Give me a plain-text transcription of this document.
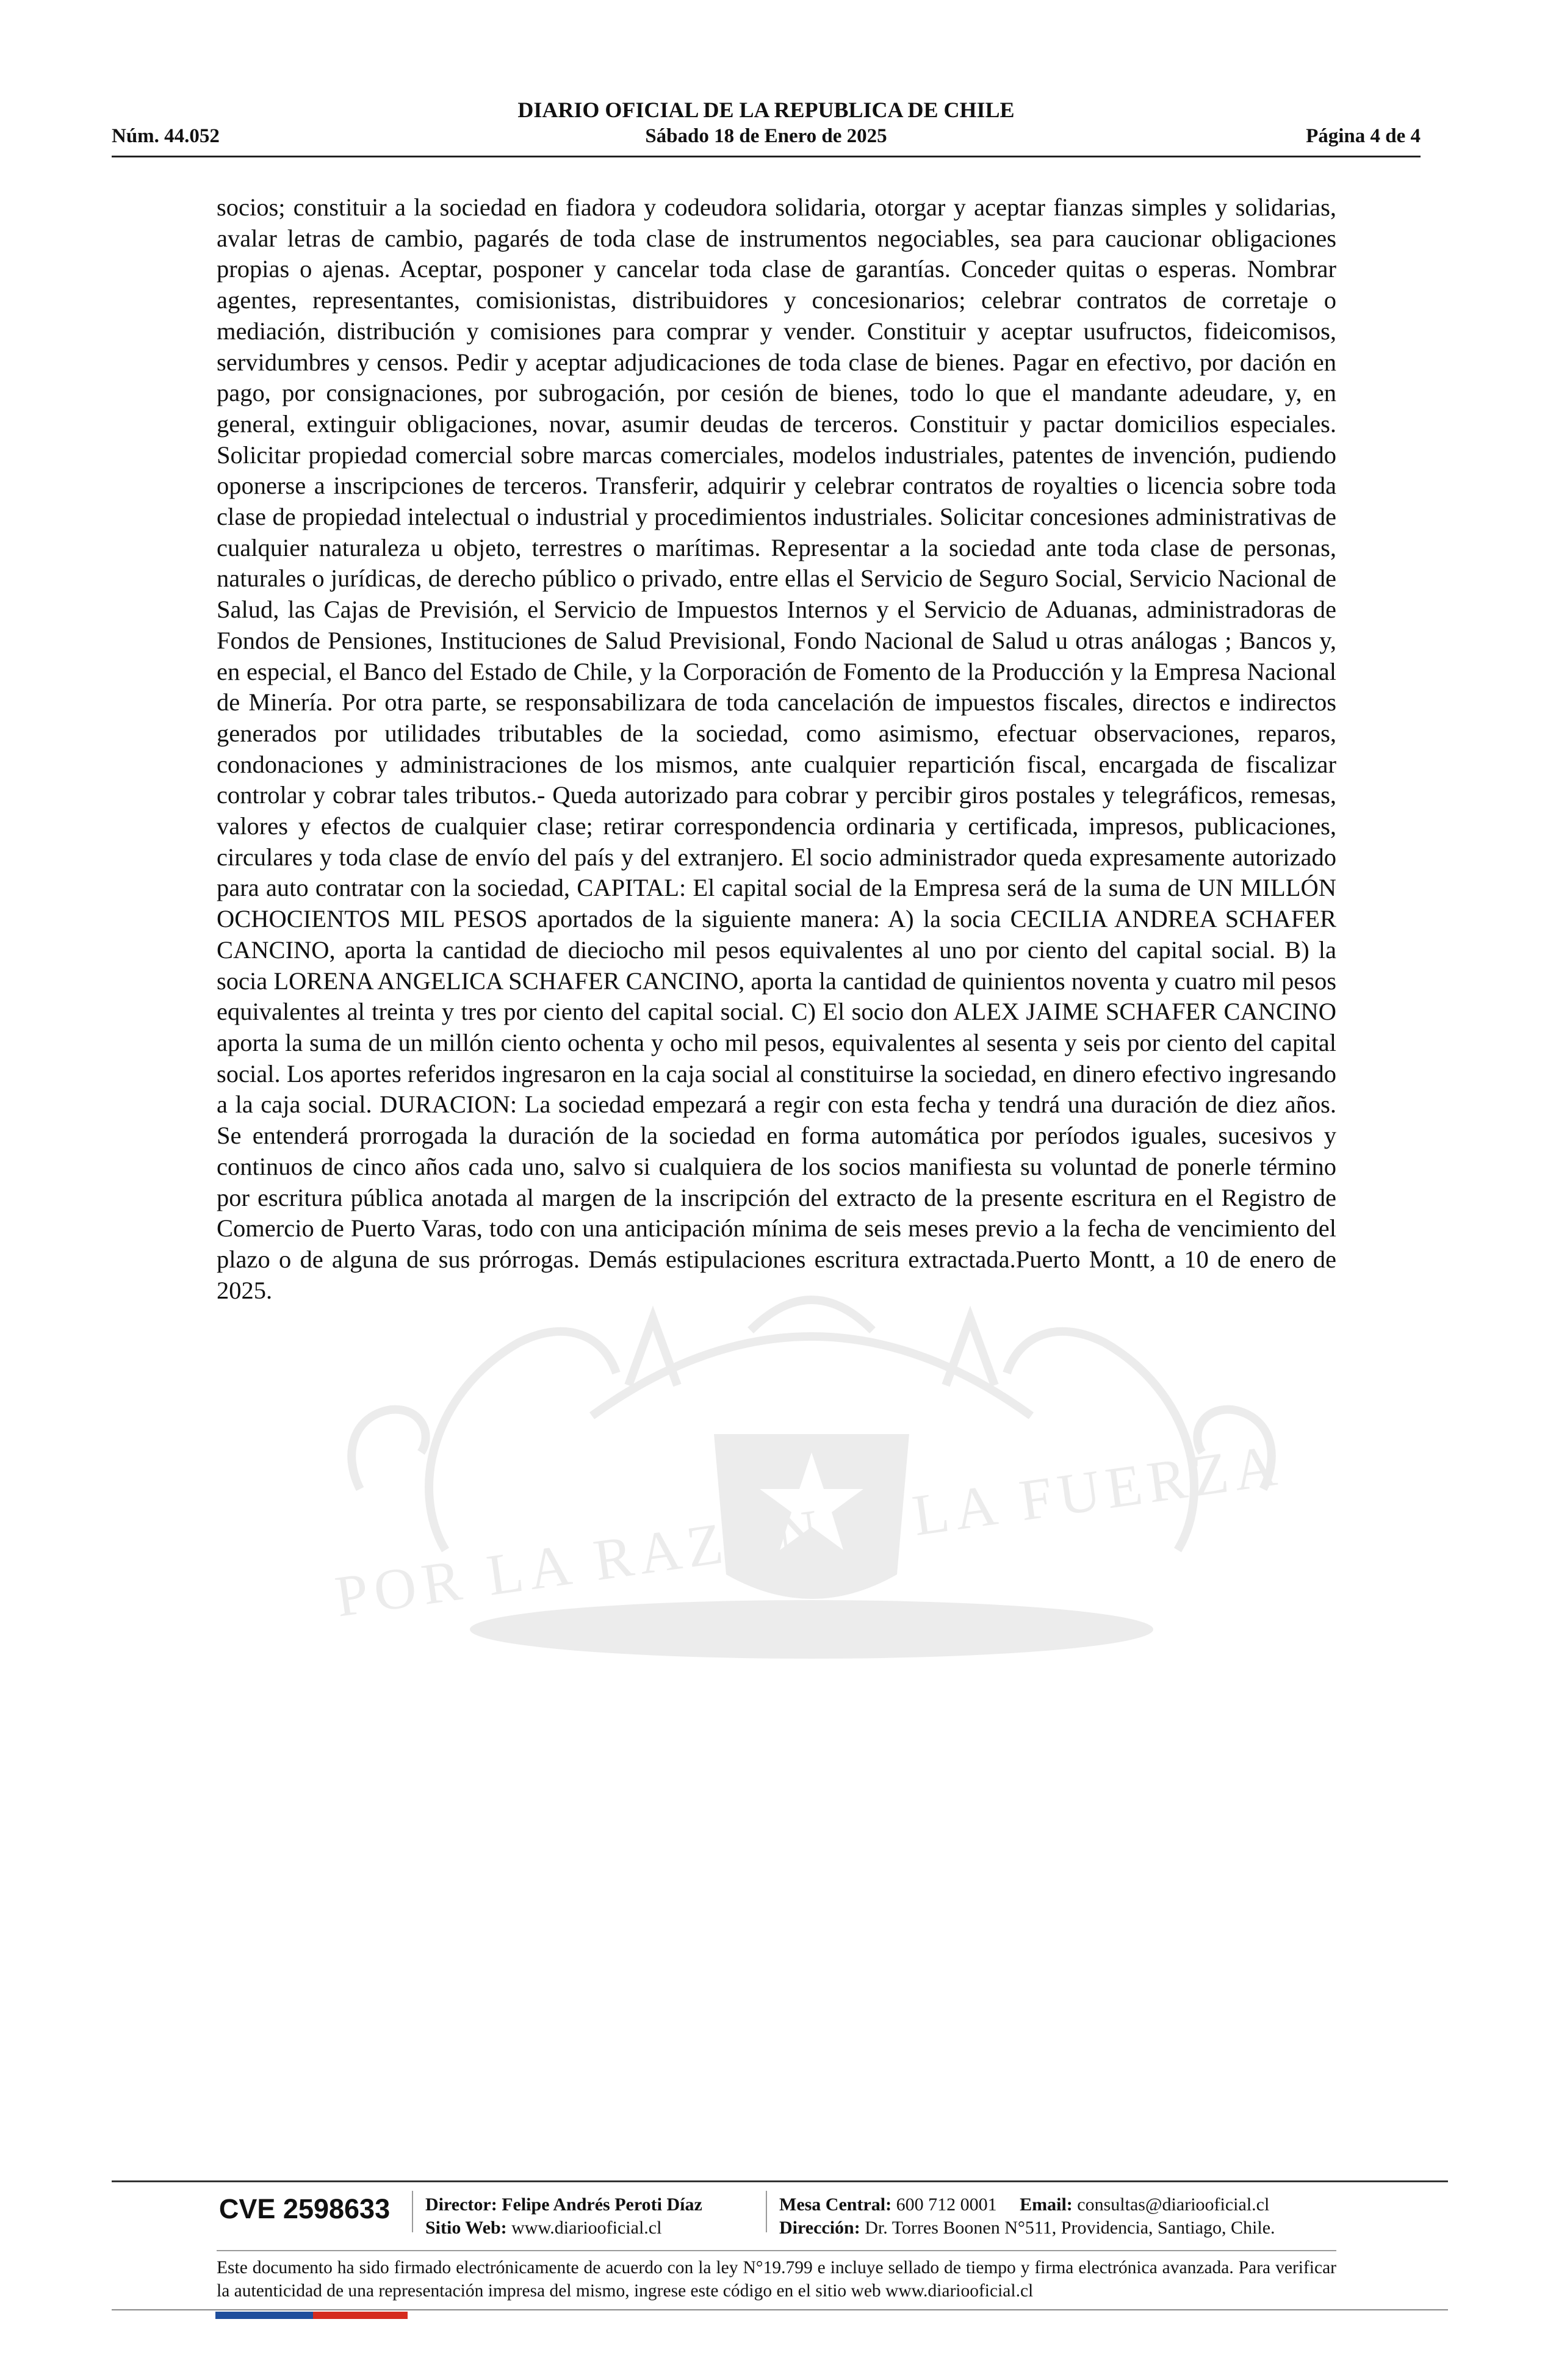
DIARIO OFICIAL DE LA REPUBLICA DE CHILE
Núm. 44.052	Sábado 18 de Enero de 2025	Página 4 de 4
POR LA RAZON O LA FUERZA

socios; constituir a la sociedad en fiadora y codeudora solidaria, otorgar y aceptar fianzas simples y solidarias, avalar letras de cambio, pagarés de toda clase de instrumentos negociables, sea para caucionar obligaciones propias o ajenas. Aceptar, posponer y cancelar toda clase de garantías. Conceder quitas o esperas. Nombrar agentes, representantes, comisionistas, distribuidores y concesionarios; celebrar contratos de corretaje o mediación, distribución y comisiones para comprar y vender. Constituir y aceptar usufructos, fideicomisos, servidumbres y censos. Pedir y aceptar adjudicaciones de toda clase de bienes. Pagar en efectivo, por dación en pago, por consignaciones, por subrogación, por cesión de bienes, todo lo que el mandante adeudare, y, en general, extinguir obligaciones, novar, asumir deudas de terceros. Constituir y pactar domicilios especiales. Solicitar propiedad comercial sobre marcas comerciales, modelos industriales, patentes de invención, pudiendo oponerse a inscripciones de terceros. Transferir, adquirir y celebrar contratos de royalties o licencia sobre toda clase de propiedad intelectual o industrial y procedimientos industriales. Solicitar concesiones administrativas de cualquier naturaleza u objeto, terrestres o marítimas. Representar a la sociedad ante toda clase de personas, naturales o jurídicas, de derecho público o privado, entre ellas el Servicio de Seguro Social, Servicio Nacional de Salud, las Cajas de Previsión, el Servicio de Impuestos Internos y el Servicio de Aduanas, administradoras de Fondos de Pensiones, Instituciones de Salud Previsional, Fondo Nacional de Salud u otras análogas ; Bancos y, en especial, el Banco del Estado de Chile, y la Corporación de Fomento de la Producción y la Empresa Nacional de Minería. Por otra parte, se responsabilizara de toda cancelación de impuestos fiscales, directos e indirectos generados por utilidades tributables de la sociedad, como asimismo, efectuar observaciones, reparos, condonaciones y administraciones de los mismos, ante cualquier repartición fiscal, encargada de fiscalizar controlar y cobrar tales tributos.- Queda autorizado para cobrar y percibir giros postales y telegráficos, remesas, valores y efectos de cualquier clase; retirar correspondencia ordinaria y certificada, impresos, publicaciones, circulares y toda clase de envío del país y del extranjero. El socio administrador queda expresamente autorizado para auto contratar con la sociedad, CAPITAL: El capital social de la Empresa será de la suma de UN MILLÓN OCHOCIENTOS MIL PESOS aportados de la siguiente manera: A) la socia CECILIA ANDREA SCHAFER CANCINO, aporta la cantidad de dieciocho mil pesos equivalentes al uno por ciento del capital social. B) la socia LORENA ANGELICA SCHAFER CANCINO, aporta la cantidad de quinientos noventa y cuatro mil pesos equivalentes al treinta y tres por ciento del capital social. C) El socio don ALEX JAIME SCHAFER CANCINO aporta la suma de un millón ciento ochenta y ocho mil pesos, equivalentes al sesenta y seis por ciento del capital social. Los aportes referidos ingresaron en la caja social al constituirse la sociedad, en dinero efectivo ingresando a la caja social. DURACION: La sociedad empezará a regir con esta fecha y tendrá una duración de diez años. Se entenderá prorrogada la duración de la sociedad en forma automática por períodos iguales, sucesivos y continuos de cinco años cada uno, salvo si cualquiera de los socios manifiesta su voluntad de ponerle término por escritura pública anotada al margen de la inscripción del extracto de la presente escritura en el Registro de Comercio de Puerto Varas, todo con una anticipación mínima de seis meses previo a la fecha de vencimiento del plazo o de alguna de sus prórrogas. Demás estipulaciones escritura extractada.Puerto Montt, a 10 de enero de 2025.

CVE 2598633	Director: Felipe Andrés Peroti Díaz
Sitio Web: www.diariooficial.cl
Mesa Central: 600 712 0001 Email: consultas@diariooficial.cl
Dirección: Dr. Torres Boonen N°511, Providencia, Santiago, Chile.

Este documento ha sido firmado electrónicamente de acuerdo con la ley N°19.799 e incluye sellado de tiempo y firma electrónica avanzada. Para verificar la autenticidad de una representación impresa del mismo, ingrese este código en el sitio web www.diariooficial.cl
